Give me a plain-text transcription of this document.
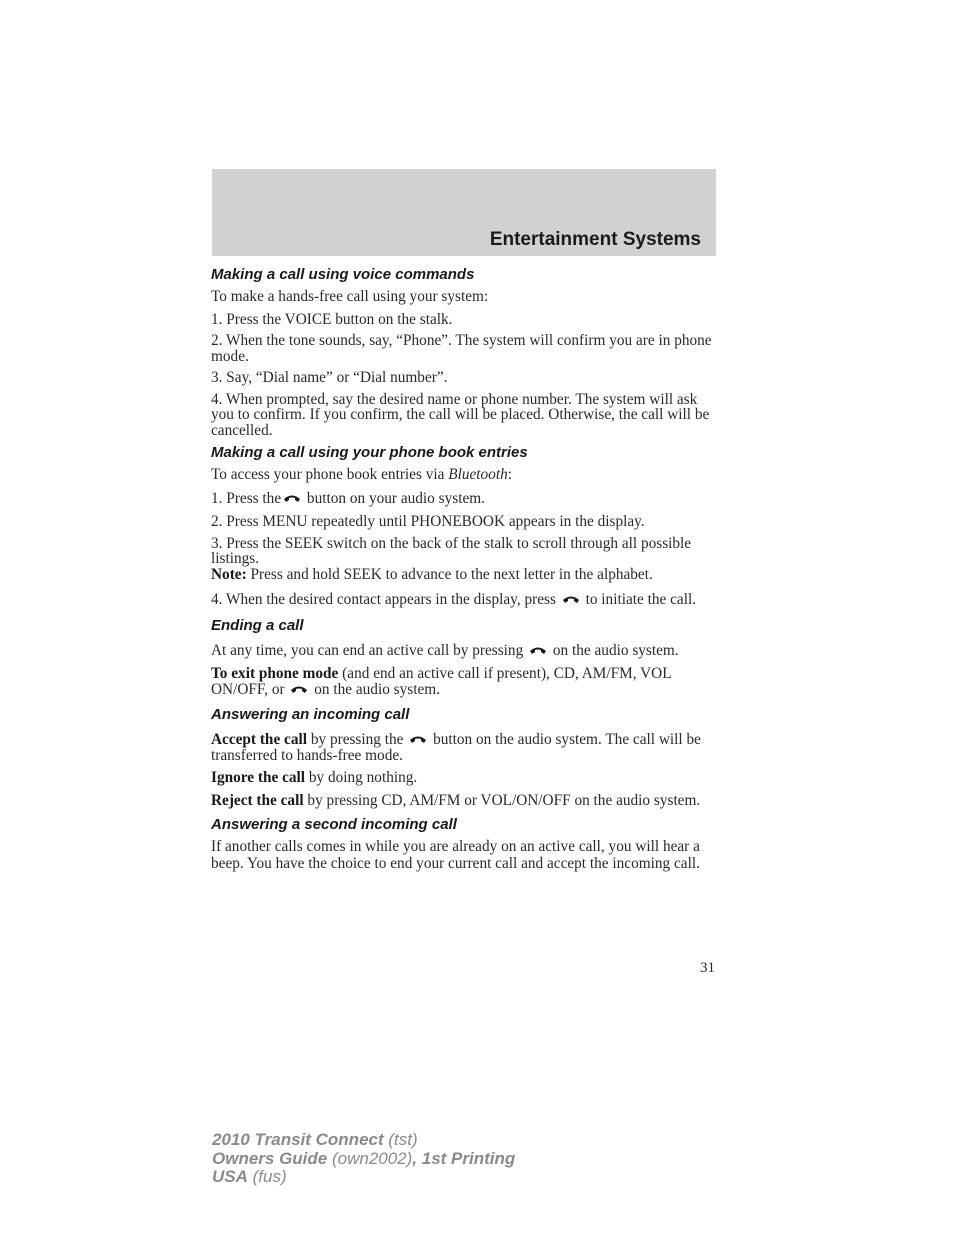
Entertainment Systems

Making a call using voice commands

To make a hands-free call using your system:

1. Press the VOICE button on the stalk.

2. When the tone sounds, say, “Phone”. The system will confirm you are in phone mode.

3. Say, “Dial name” or “Dial number”.

4. When prompted, say the desired name or phone number. The system will ask you to confirm. If you confirm, the call will be placed. Otherwise, the call will be cancelled.

Making a call using your phone book entries

To access your phone book entries via Bluetooth:

1. Press the button on your audio system.

2. Press MENU repeatedly until PHONEBOOK appears in the display.

3. Press the SEEK switch on the back of the stalk to scroll through all possible listings.

Note: Press and hold SEEK to advance to the next letter in the alphabet.

4. When the desired contact appears in the display, press  to initiate the call.

Ending a call

At any time, you can end an active call by pressing  on the audio system.

To exit phone mode (and end an active call if present), CD, AM/FM, VOL ON/OFF, or  on the audio system.

Answering an incoming call

Accept the call by pressing the  button on the audio system. The call will be transferred to hands-free mode.

Ignore the call by doing nothing.

Reject the call by pressing CD, AM/FM or VOL/ON/OFF on the audio system.

Answering a second incoming call

If another calls comes in while you are already on an active call, you will hear a beep. You have the choice to end your current call and accept the incoming call.

31
2010 Transit Connect (tst)
Owners Guide (own2002), 1st Printing
USA (fus)
